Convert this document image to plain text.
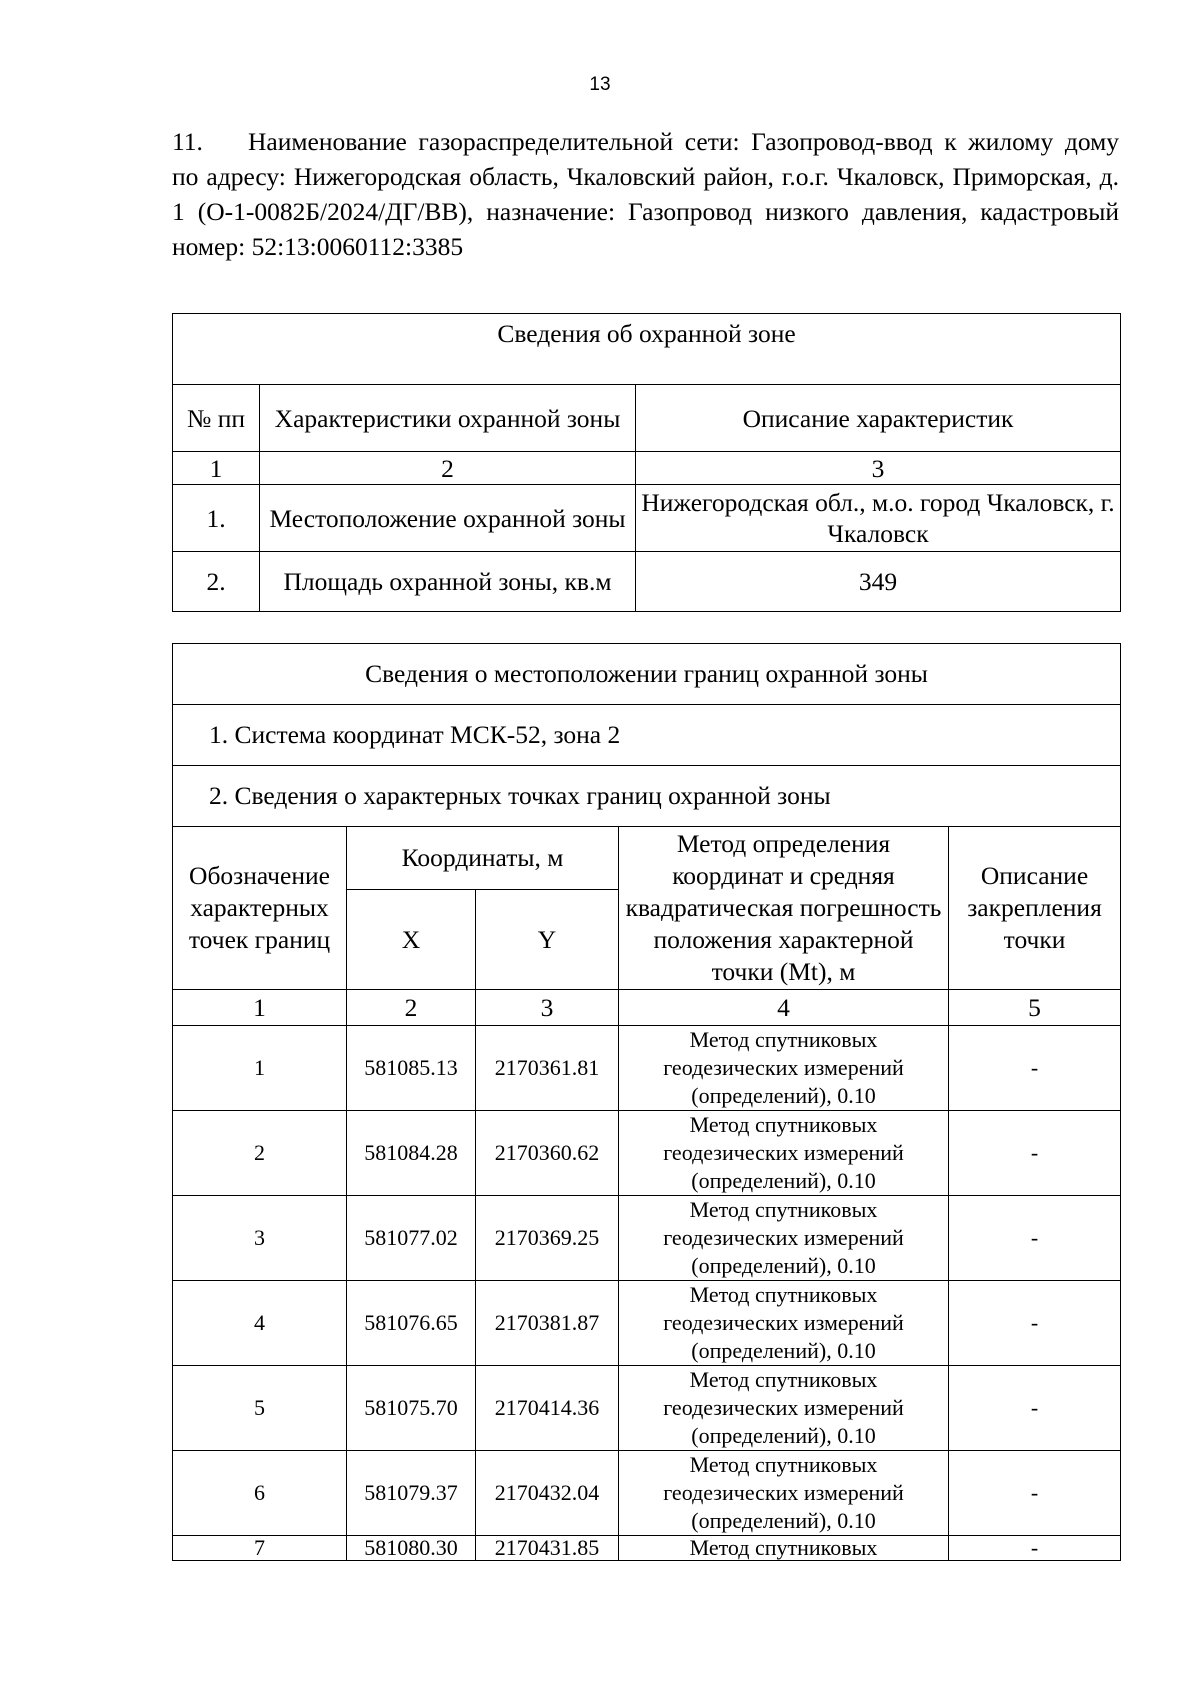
13
11. Наименование газораспределительной сети: Газопровод-ввод к жилому дому по адресу: Нижегородская область, Чкаловский район, г.о.г. Чкаловск, Приморская, д. 1 (О-1-0082Б/2024/ДГ/ВВ), назначение: Газопровод низкого давления, кадастровый номер: 52:13:0060112:3385
Сведения об охранной зоне		
№ пп	Характеристики охранной зоны	Описание характеристик
1	2	3
1.	Местоположение охранной зоны	Нижегородская обл., м.о. город Чкаловск, г. Чкаловск
2.	Площадь охранной зоны, кв.м	349
Сведения о местоположении границ охранной зоны				
1. Система координат МСК-52, зона 2				
2. Сведения о характерных точках границ охранной зоны				
Обозначение характерных точек границ	Координаты, м		Метод определения координат и средняя квадратическая погрешность положения характерной точки (Mt), м	Описание закрепления точки
	X	Y		
1	2	3	4	5
1	581085.13	2170361.81	Метод спутниковых геодезических измерений (определений), 0.10	-
2	581084.28	2170360.62	Метод спутниковых геодезических измерений (определений), 0.10	-
3	581077.02	2170369.25	Метод спутниковых геодезических измерений (определений), 0.10	-
4	581076.65	2170381.87	Метод спутниковых геодезических измерений (определений), 0.10	-
5	581075.70	2170414.36	Метод спутниковых геодезических измерений (определений), 0.10	-
6	581079.37	2170432.04	Метод спутниковых геодезических измерений (определений), 0.10	-
7	581080.30	2170431.85	Метод спутниковых	-
